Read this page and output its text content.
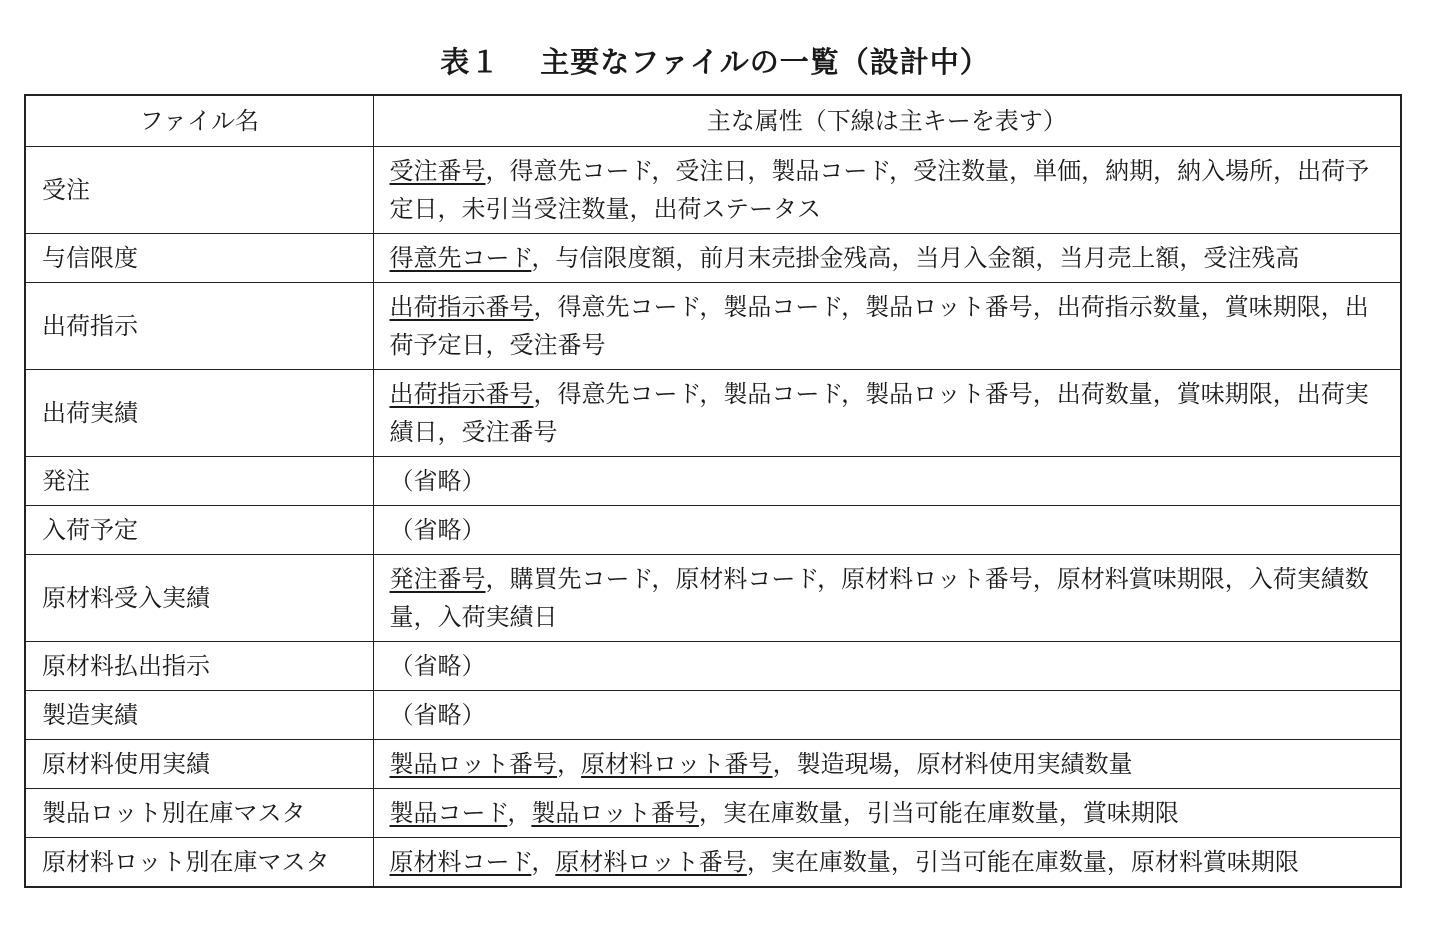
表１ 主要なファイルの一覧（設計中）
ファイル名	主な属性（下線は主キーを表す）
受注	受注番号，得意先コード，受注日，製品コード，受注数量，単価，納期，納入場所，出荷予定日，未引当受注数量，出荷ステータス
与信限度	得意先コード，与信限度額，前月末売掛金残高，当月入金額，当月売上額，受注残高
出荷指示	出荷指示番号，得意先コード，製品コード，製品ロット番号，出荷指示数量，賞味期限，出荷予定日，受注番号
出荷実績	出荷指示番号，得意先コード，製品コード，製品ロット番号，出荷数量，賞味期限，出荷実績日，受注番号
発注	（省略）
入荷予定	（省略）
原材料受入実績	発注番号，購買先コード，原材料コード，原材料ロット番号，原材料賞味期限，入荷実績数量，入荷実績日
原材料払出指示	（省略）
製造実績	（省略）
原材料使用実績	製品ロット番号，原材料ロット番号，製造現場，原材料使用実績数量
製品ロット別在庫マスタ	製品コード，製品ロット番号，実在庫数量，引当可能在庫数量，賞味期限
原材料ロット別在庫マスタ	原材料コード，原材料ロット番号，実在庫数量，引当可能在庫数量，原材料賞味期限
